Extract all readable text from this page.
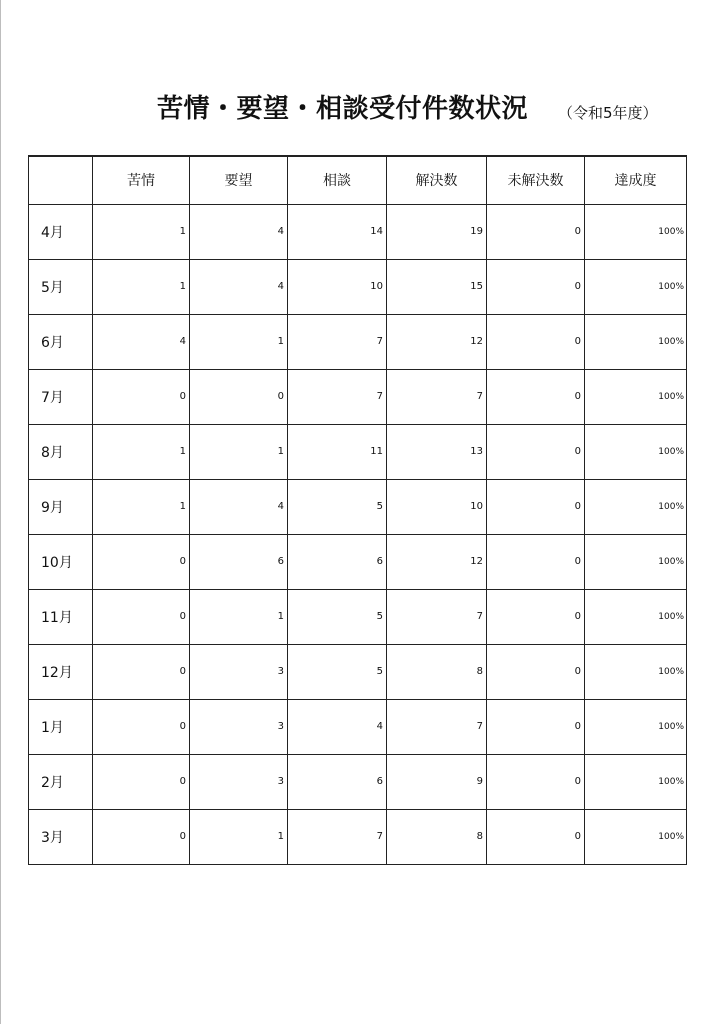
苦情・要望・相談受付件数状況 （令和5年度）
	苦情	要望	相談	解決数	未解決数	達成度
4月	1	4	14	19	0	100%
5月	1	4	10	15	0	100%
6月	4	1	7	12	0	100%
7月	0	0	7	7	0	100%
8月	1	1	11	13	0	100%
9月	1	4	5	10	0	100%
10月	0	6	6	12	0	100%
11月	0	1	5	7	0	100%
12月	0	3	5	8	0	100%
1月	0	3	4	7	0	100%
2月	0	3	6	9	0	100%
3月	0	1	7	8	0	100%
